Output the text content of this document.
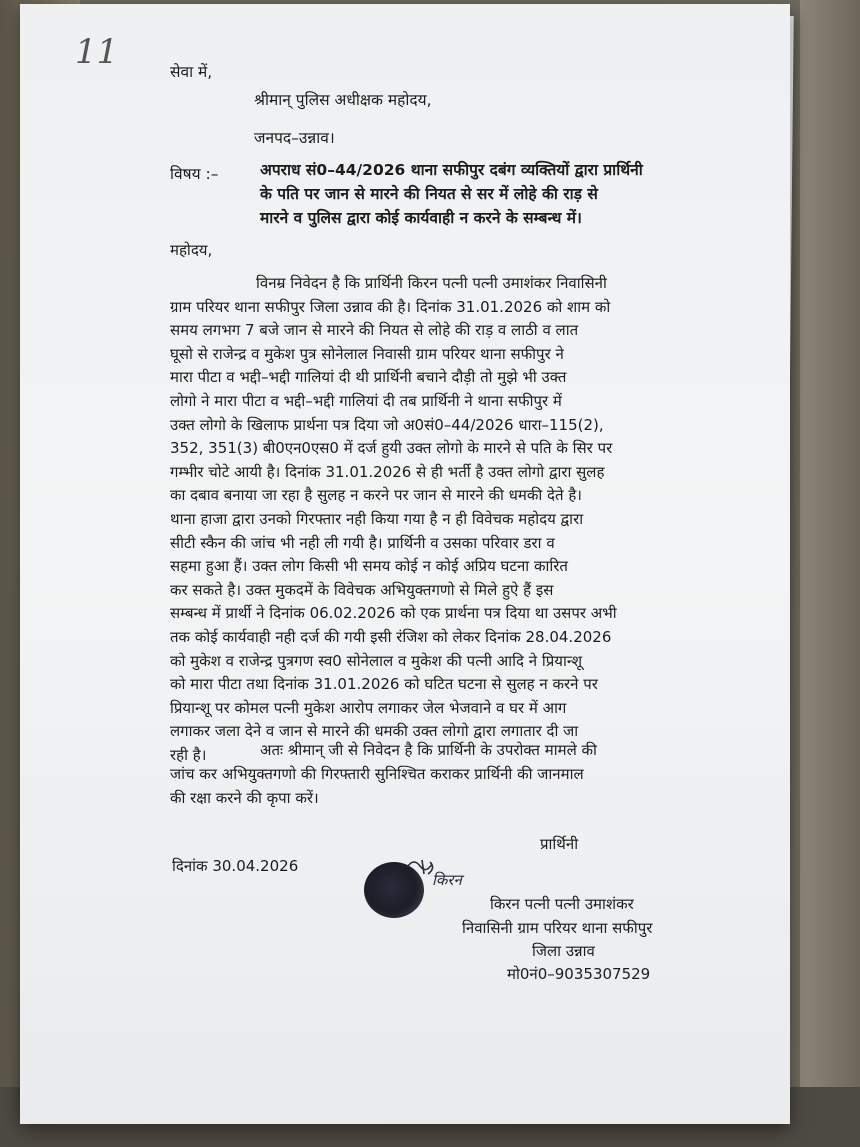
11	सेवा में,
श्रीमान् पुलिस अधीक्षक महोदय,
जनपद–उन्नाव।
विषय :–	अपराध सं0–44/2026 थाना सफीपुर दबंग व्यक्तियों द्वारा प्रार्थिनी
के पति पर जान से मारने की नियत से सर में लोहे की राड़ से
मारने व पुलिस द्वारा कोई कार्यवाही न करने के सम्बन्ध में।
महोदय,
विनम्र निवेदन है कि प्रार्थिनी किरन पत्नी पत्नी उमाशंकर निवासिनी
ग्राम परियर थाना सफीपुर जिला उन्नाव की है। दिनांक 31.01.2026 को शाम को
समय लगभग 7 बजे जान से मारने की नियत से लोहे की राड़ व लाठी व लात
घूसो से राजेन्द्र व मुकेश पुत्र सोनेलाल निवासी ग्राम परियर थाना सफीपुर ने
मारा पीटा व भद्दी–भद्दी गालियां दी थी प्रार्थिनी बचाने दौड़ी तो मुझे भी उक्त
लोगो ने मारा पीटा व भद्दी–भद्दी गालियां दी तब प्रार्थिनी ने थाना सफीपुर में
उक्त लोगो के खिलाफ प्रार्थना पत्र दिया जो अ0सं0–44/2026 धारा–115(2),
352, 351(3) बी0एन0एस0 में दर्ज हुयी उक्त लोगो के मारने से पति के सिर पर
गम्भीर चोटे आयी है। दिनांक 31.01.2026 से ही भर्ती है उक्त लोगो द्वारा सुलह
का दबाव बनाया जा रहा है सुलह न करने पर जान से मारने की धमकी देते है।
थाना हाजा द्वारा उनको गिरफ्तार नही किया गया है न ही विवेचक महोदय द्वारा
सीटी स्कैन की जांच भी नही ली गयी है। प्रार्थिनी व उसका परिवार डरा व
सहमा हुआ हैं। उक्त लोग किसी भी समय कोई न कोई अप्रिय घटना कारित
कर सकते है। उक्त मुकदमें के विवेचक अभियुक्तगणो से मिले हुऐ हैं इस
सम्बन्ध में प्रार्थी ने दिनांक 06.02.2026 को एक प्रार्थना पत्र दिया था उसपर अभी
तक कोई कार्यवाही नही दर्ज की गयी इसी रंजिश को लेकर दिनांक 28.04.2026
को मुकेश व राजेन्द्र पुत्रगण स्व0 सोनेलाल व मुकेश की पत्नी आदि ने प्रियान्शू
को मारा पीटा तथा दिनांक 31.01.2026 को घटित घटना से सुलह न करने पर
प्रियान्शू पर कोमल पत्नी मुकेश आरोप लगाकर जेल भेजवाने व घर में आग
लगाकर जला देने व जान से मारने की धमकी उक्त लोगो द्वारा लगातार दी जा
रही है।	अतः श्रीमान् जी से निवेदन है कि प्रार्थिनी के उपरोक्त मामले की
जांच कर अभियुक्तगणो की गिरफ्तारी सुनिश्चित कराकर प्रार्थिनी की जानमाल
की रक्षा करने की कृपा करें।
प्रार्थिनी
दिनांक 30.04.2026
किरन
किरन पत्नी पत्नी उमाशंकर
निवासिनी ग्राम परियर थाना सफीपुर
जिला उन्नाव
मो0नं0–9035307529
